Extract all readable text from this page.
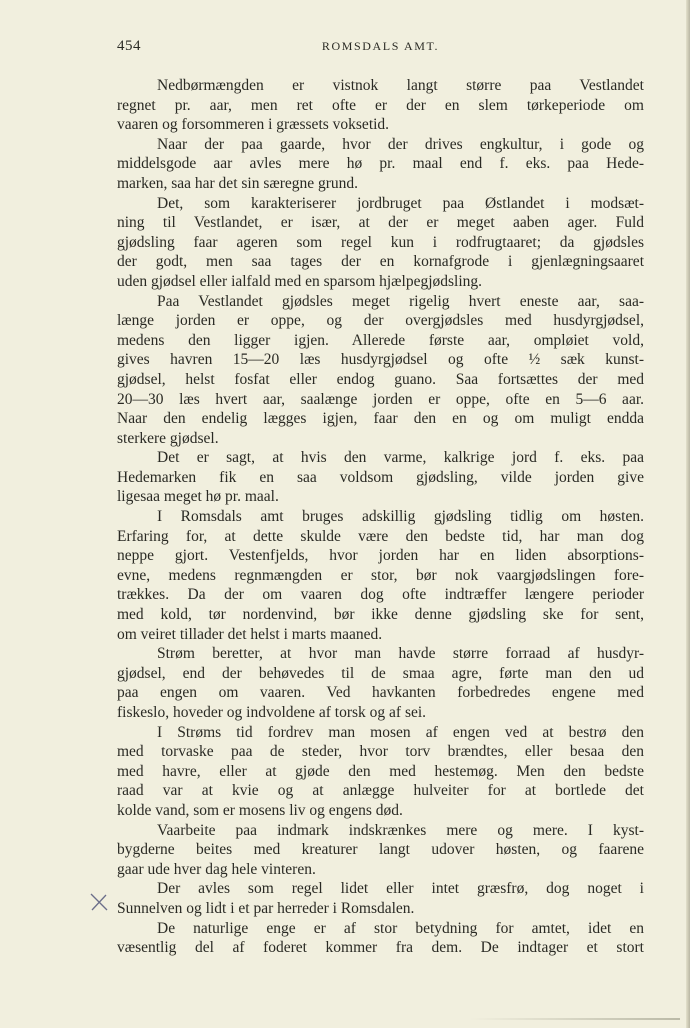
454	ROMSDALS AMT.
Nedbørmængden er vistnok langt større paa Vestlandet
regnet pr. aar, men ret ofte er der en slem tørkeperiode om
vaaren og forsommeren i græssets voksetid.
Naar der paa gaarde, hvor der drives engkultur, i gode og
middelsgode aar avles mere hø pr. maal end f. eks. paa Hede-
marken, saa har det sin særegne grund.
Det, som karakteriserer jordbruget paa Østlandet i modsæt-
ning til Vestlandet, er især, at der er meget aaben ager. Fuld
gjødsling faar ageren som regel kun i rodfrugtaaret; da gjødsles
der godt, men saa tages der en kornafgrode i gjenlægningsaaret
uden gjødsel eller ialfald med en sparsom hjælpegjødsling.
Paa Vestlandet gjødsles meget rigelig hvert eneste aar, saa-
længe jorden er oppe, og der overgjødsles med husdyrgjødsel,
medens den ligger igjen. Allerede første aar, ompløiet vold,
gives havren 15—20 læs husdyrgjødsel og ofte ½ sæk kunst-
gjødsel, helst fosfat eller endog guano. Saa fortsættes der med
20—30 læs hvert aar, saalænge jorden er oppe, ofte en 5—6 aar.
Naar den endelig lægges igjen, faar den en og om muligt endda
sterkere gjødsel.
Det er sagt, at hvis den varme, kalkrige jord f. eks. paa
Hedemarken fik en saa voldsom gjødsling, vilde jorden give
ligesaa meget hø pr. maal.
I Romsdals amt bruges adskillig gjødsling tidlig om høsten.
Erfaring for, at dette skulde være den bedste tid, har man dog
neppe gjort. Vestenfjelds, hvor jorden har en liden absorptions-
evne, medens regnmængden er stor, bør nok vaargjødslingen fore-
trækkes. Da der om vaaren dog ofte indtræffer længere perioder
med kold, tør nordenvind, bør ikke denne gjødsling ske for sent,
om veiret tillader det helst i marts maaned.
Strøm beretter, at hvor man havde større forraad af husdyr-
gjødsel, end der behøvedes til de smaa agre, førte man den ud
paa engen om vaaren. Ved havkanten forbedredes engene med
fiskeslo, hoveder og indvoldene af torsk og af sei.
I Strøms tid fordrev man mosen af engen ved at bestrø den
med torvaske paa de steder, hvor torv brændtes, eller besaa den
med havre, eller at gjøde den med hestemøg. Men den bedste
raad var at kvie og at anlægge hulveiter for at bortlede det
kolde vand, som er mosens liv og engens død.
Vaarbeite paa indmark indskrænkes mere og mere. I kyst-
bygderne beites med kreaturer langt udover høsten, og faarene
gaar ude hver dag hele vinteren.
Der avles som regel lidet eller intet græsfrø, dog noget i
Sunnelven og lidt i et par herreder i Romsdalen.
De naturlige enge er af stor betydning for amtet, idet en
væsentlig del af foderet kommer fra dem. De indtager et stort
